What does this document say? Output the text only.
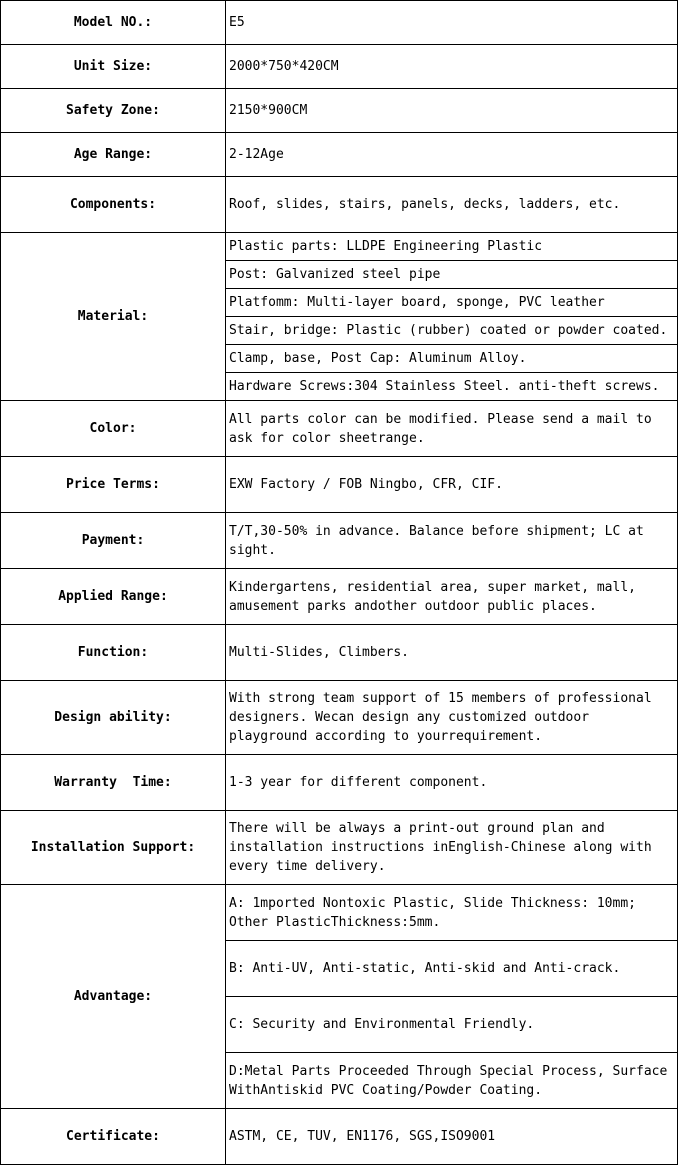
Model NO.:	E5
Unit Size:	2000*750*420CM
Safety Zone:	2150*900CM
Age Range:	2-12Age
Components:	Roof, slides, stairs, panels, decks, ladders, etc.
Material:	Plastic parts: LLDPE Engineering Plastic
	Post: Galvanized steel pipe
	Platfomm: Multi-layer board, sponge, PVC leather
	Stair, bridge: Plastic (rubber) coated or powder coated.
	Clamp, base, Post Cap: Aluminum Alloy.
	Hardware Screws:304 Stainless Steel. anti-theft screws.
Color:	All parts color can be modified. Please send a mail to ask for color sheetrange.
Price Terms:	EXW Factory / FOB Ningbo, CFR, CIF.
Payment:	T/T,30-50% in advance. Balance before shipment; LC at sight.
Applied Range:	Kindergartens, residential area, super market, mall, amusement parks andother outdoor public places.
Function:	Multi-Slides, Climbers.
Design ability:	With strong team support of 15 members of professional designers. Wecan design any customized outdoor playground according to yourrequirement.
Warranty  Time:	1-3 year for different component.
Installation Support:	There will be always a print-out ground plan and installation instructions inEnglish-Chinese along with every time delivery.
Advantage:	A: 1mported Nontoxic Plastic, Slide Thickness: 10mm; Other PlasticThickness:5mm.
	B: Anti-UV, Anti-static, Anti-skid and Anti-crack.
	C: Security and Environmental Friendly.
	D:Metal Parts Proceeded Through Special Process, Surface WithAntiskid PVC Coating/Powder Coating.
Certificate:	ASTM, CE, TUV, EN1176, SGS,ISO9001
